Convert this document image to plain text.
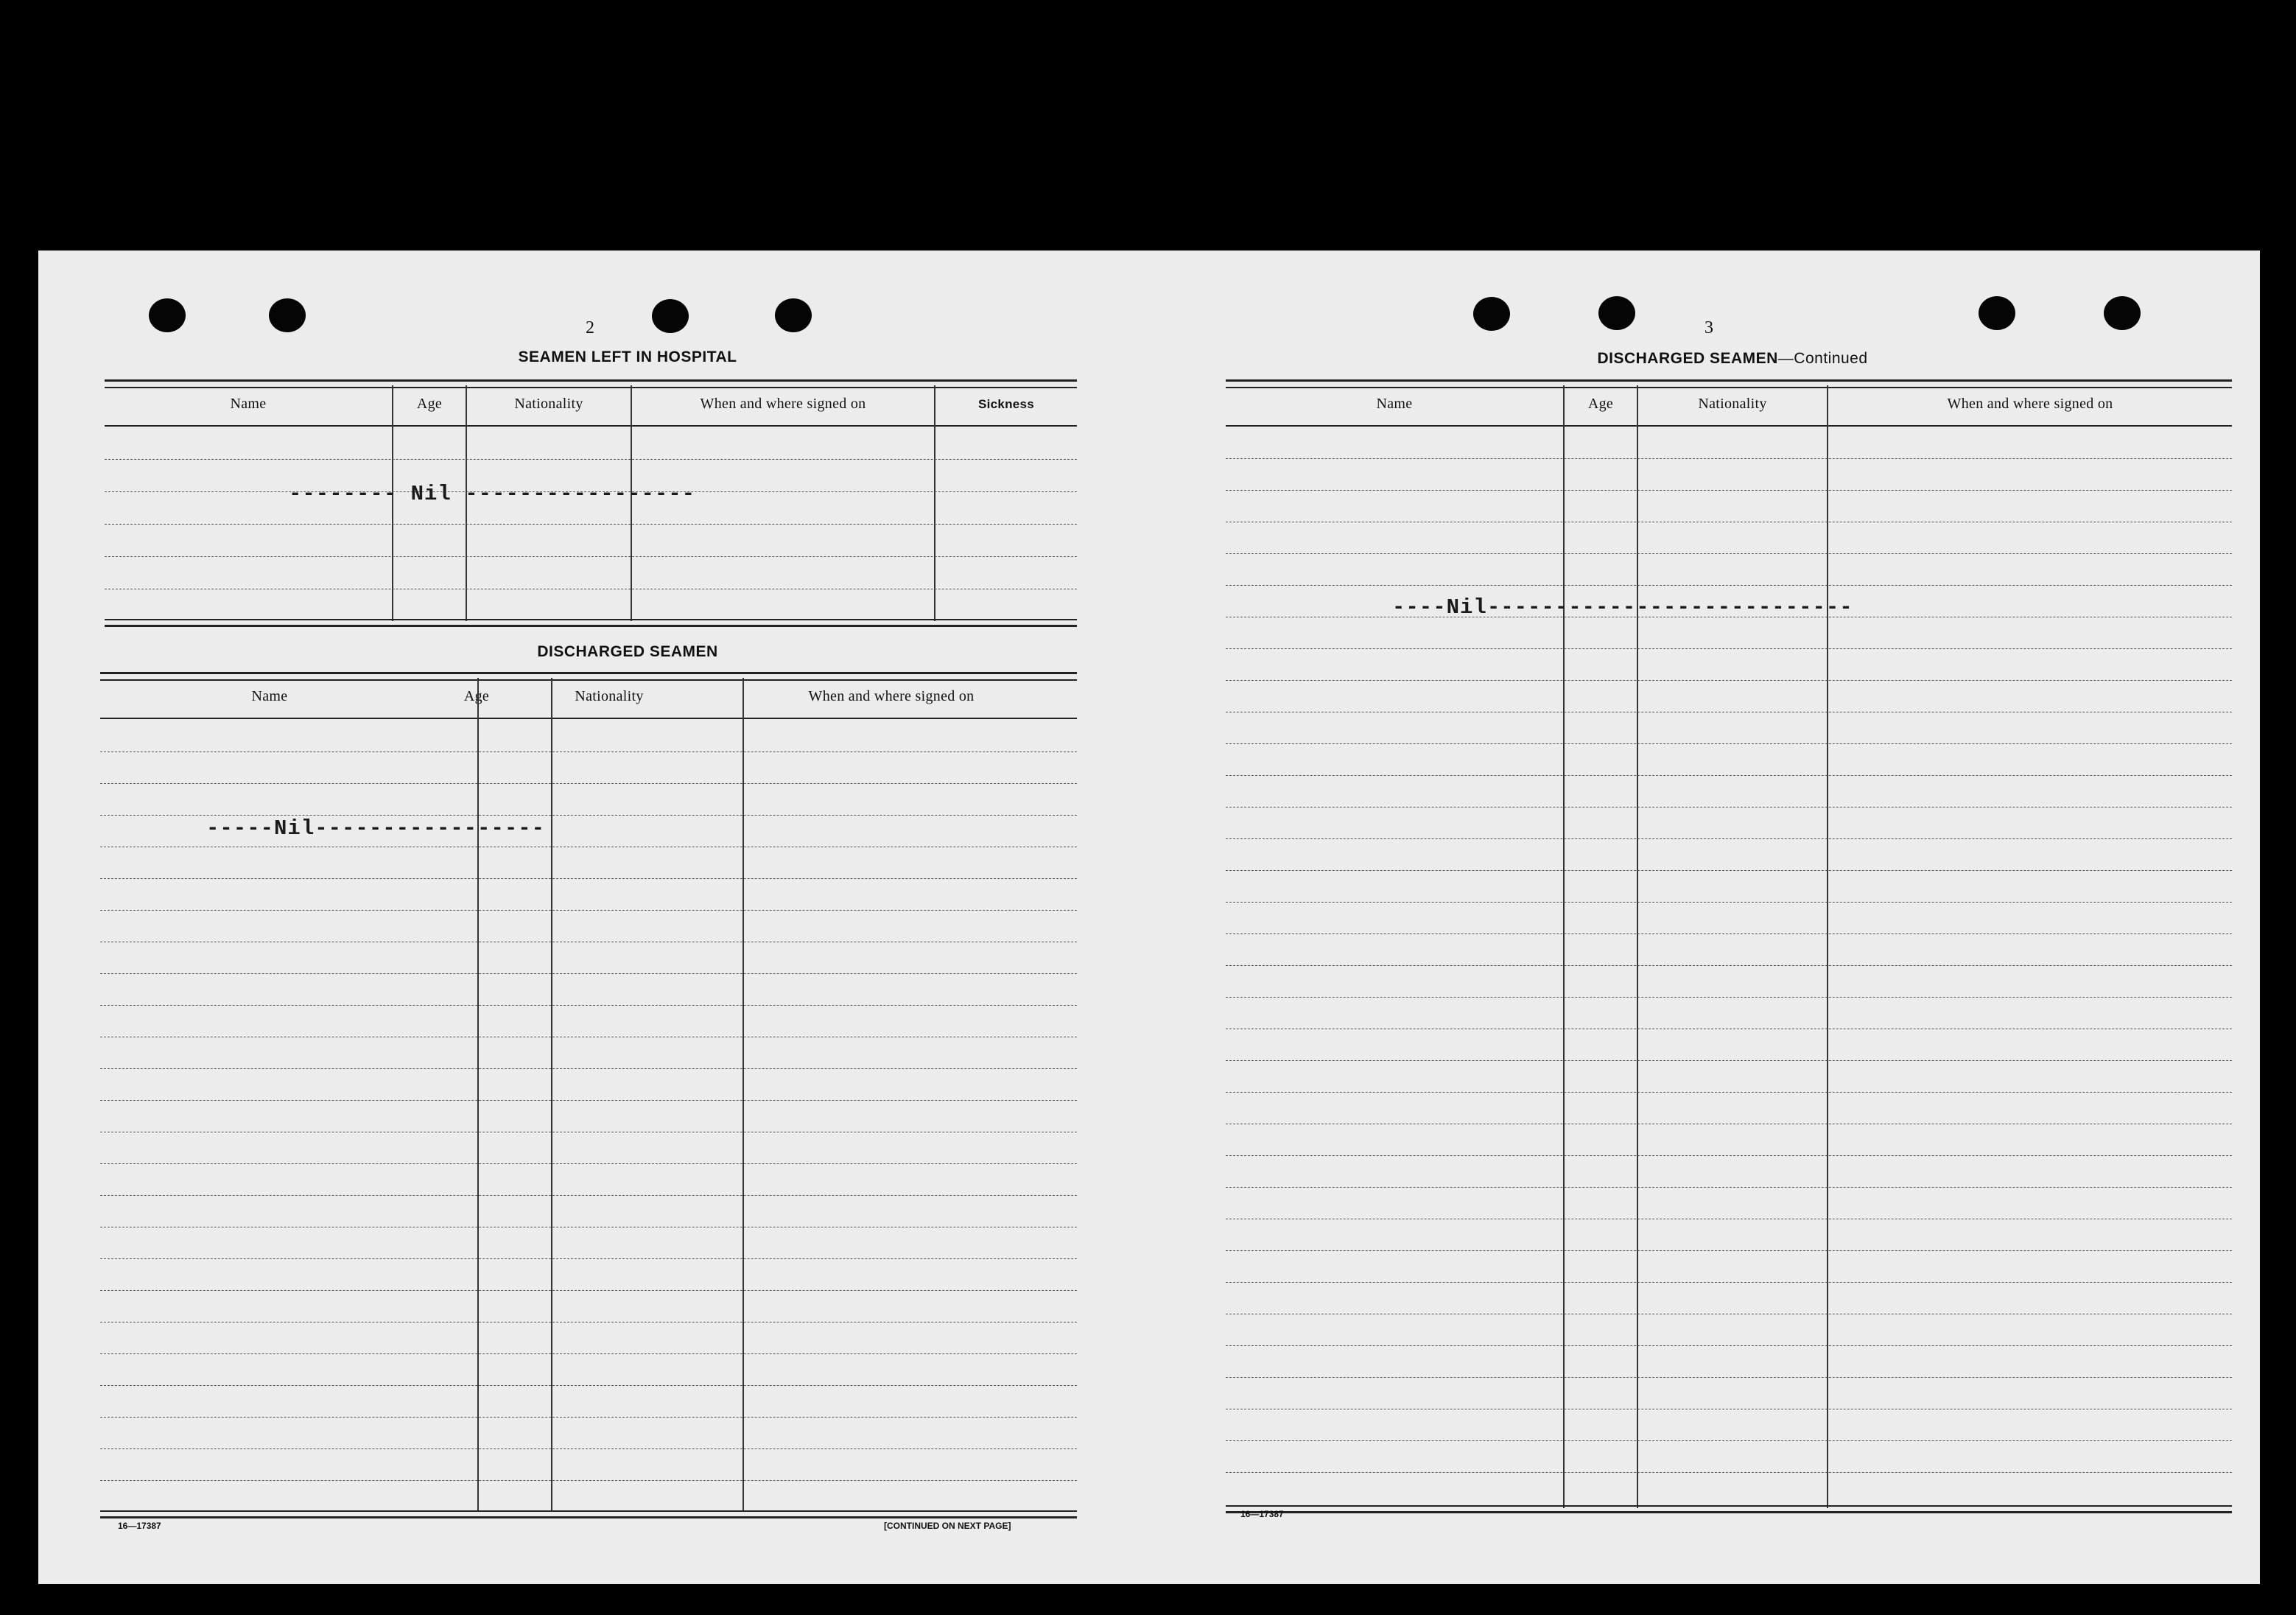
2
SEAMEN LEFT IN HOSPITAL
Name	Age	Nationality	When and where signed on	Sickness
-------- Nil -----------------
DISCHARGED SEAMEN
Name	Age	Nationality	When and where signed on
-----Nil-----------------
16—17387	[CONTINUED ON NEXT PAGE]
3
DISCHARGED SEAMEN—Continued
Name	Age	Nationality	When and where signed on
----Nil---------------------------
16—17387
